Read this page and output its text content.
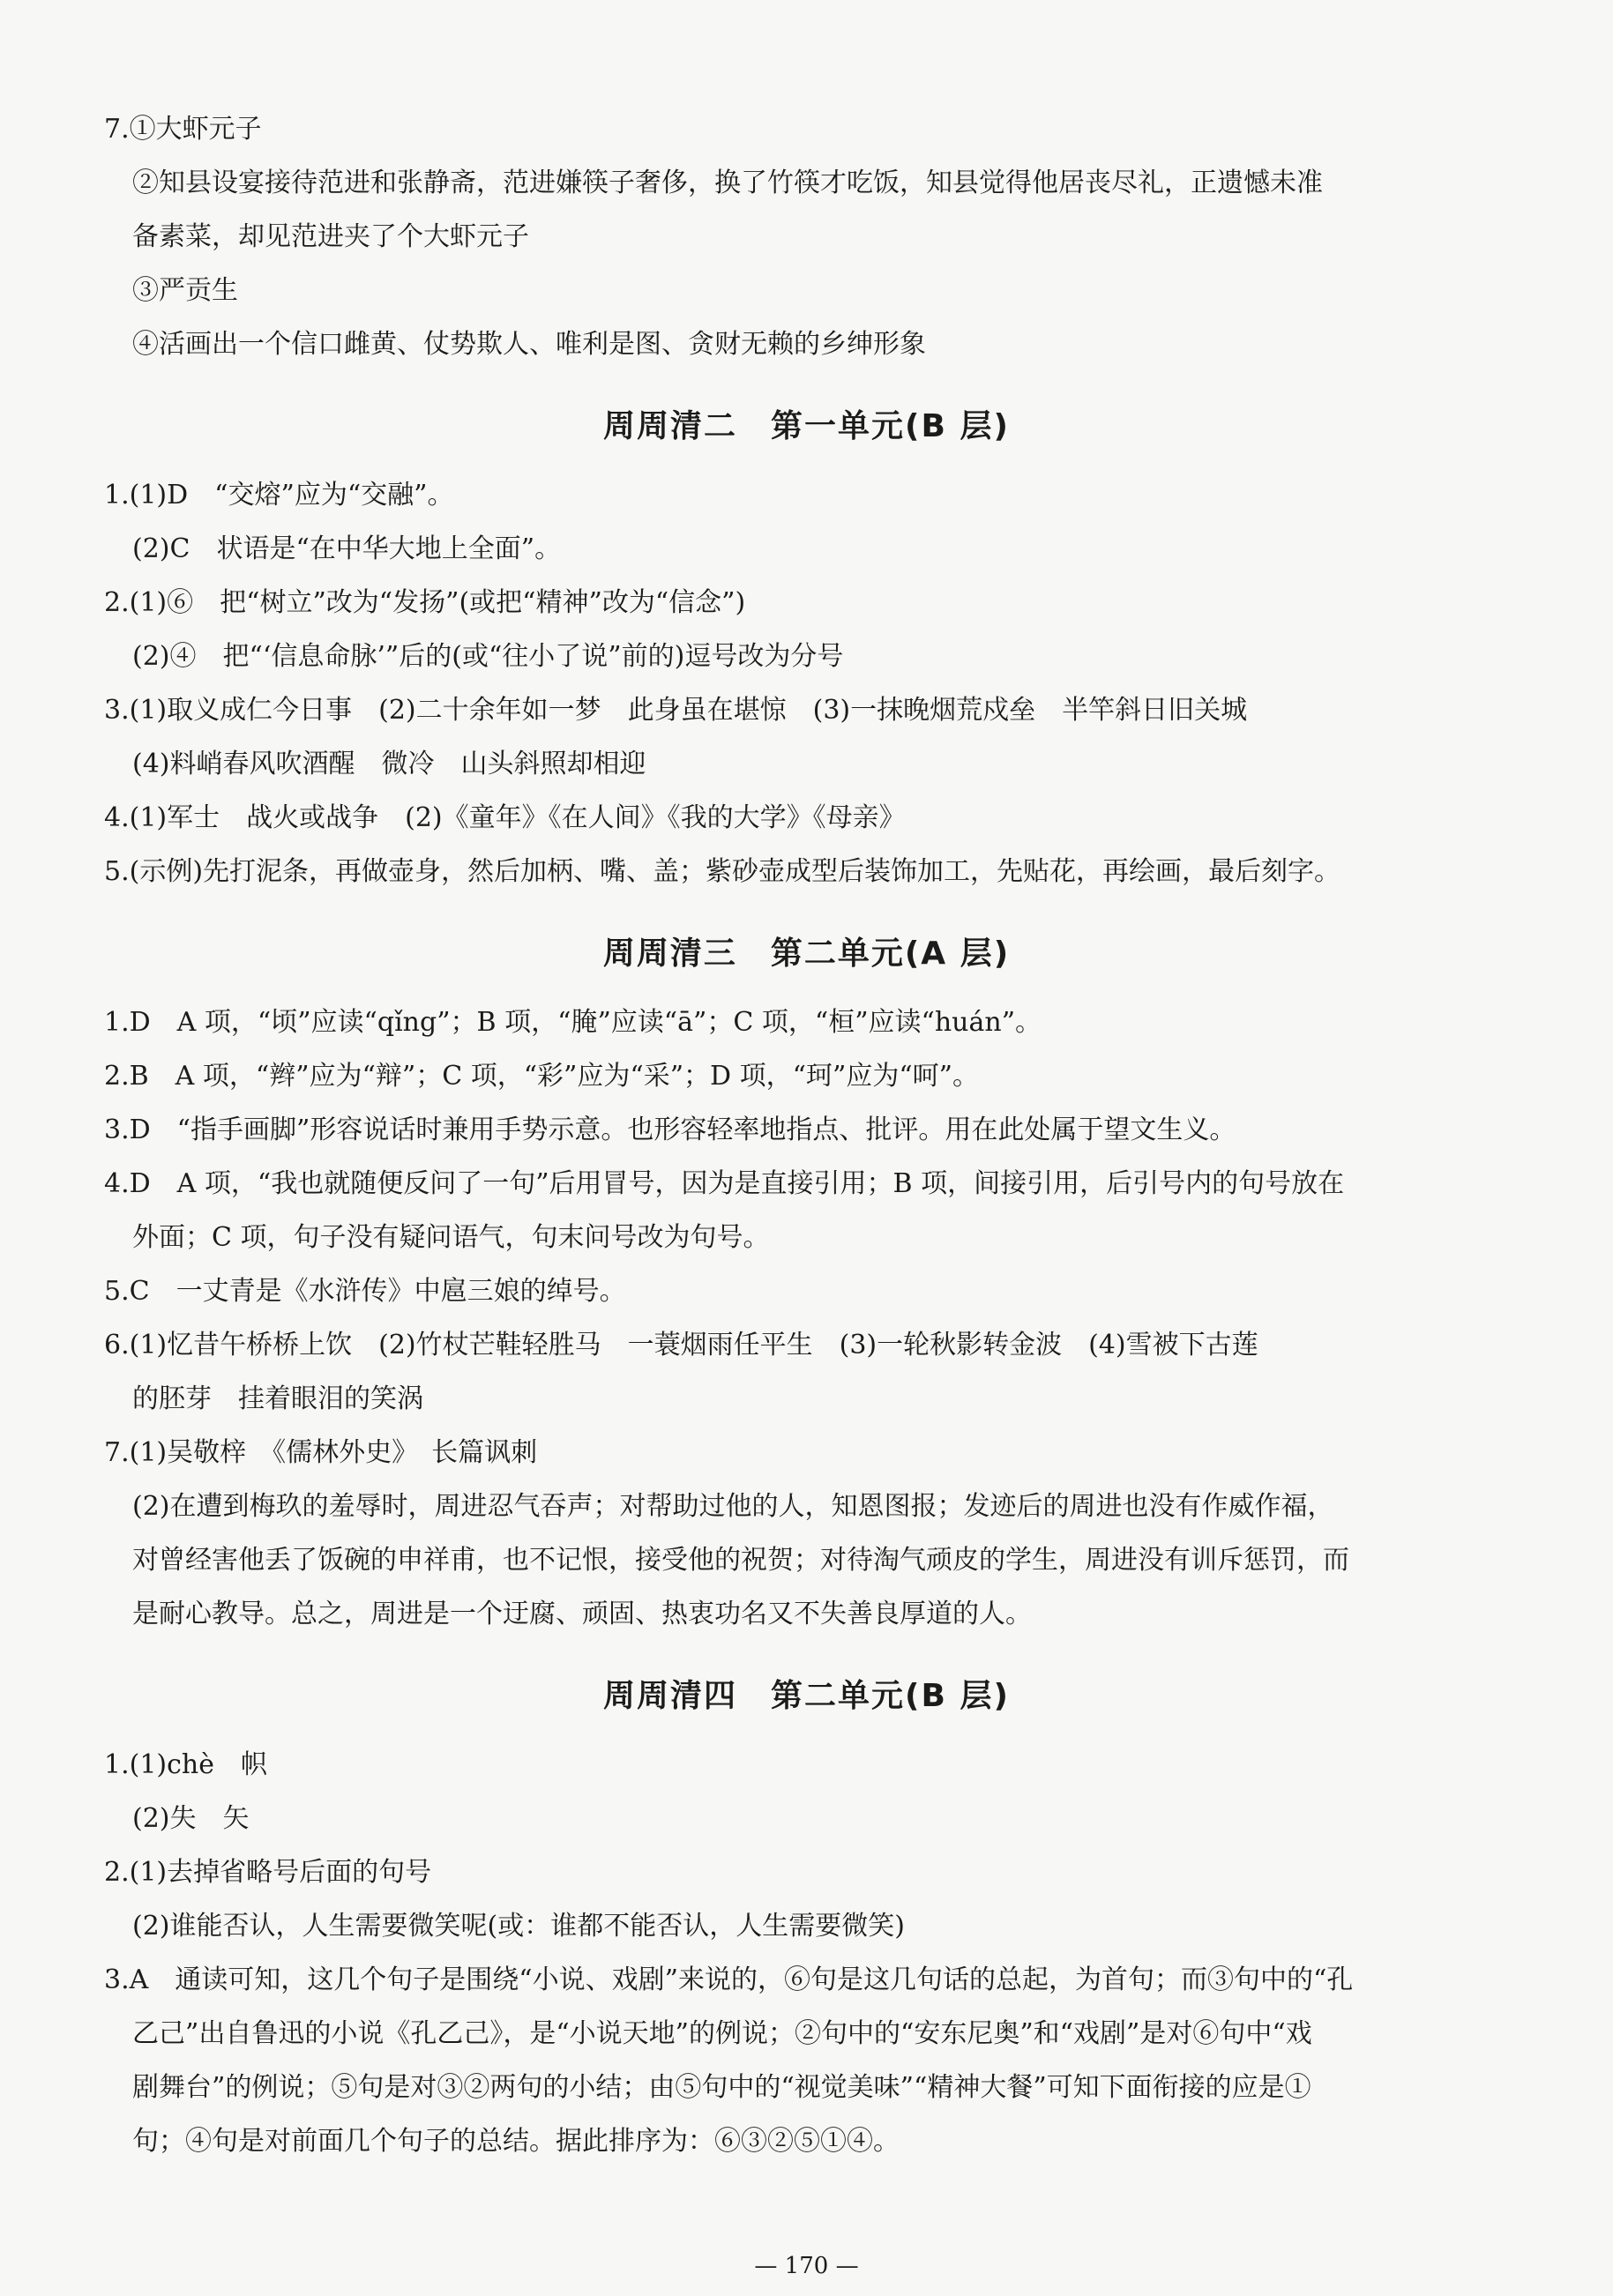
7.①大虾元子
②知县设宴接待范进和张静斋，范进嫌筷子奢侈，换了竹筷才吃饭，知县觉得他居丧尽礼，正遗憾未准
备素菜，却见范进夹了个大虾元子
③严贡生
④活画出一个信口雌黄、仗势欺人、唯利是图、贪财无赖的乡绅形象
周周清二　第一单元(B 层)
1.(1)D　“交熔”应为“交融”。
(2)C　状语是“在中华大地上全面”。
2.(1)⑥　把“树立”改为“发扬”(或把“精神”改为“信念”)
(2)④　把“‘信息命脉’”后的(或“往小了说”前的)逗号改为分号
3.(1)取义成仁今日事　(2)二十余年如一梦　此身虽在堪惊　(3)一抹晚烟荒戍垒　半竿斜日旧关城
(4)料峭春风吹酒醒　微冷　山头斜照却相迎
4.(1)军士　战火或战争　(2)《童年》《在人间》《我的大学》《母亲》
5.(示例)先打泥条，再做壶身，然后加柄、嘴、盖；紫砂壶成型后装饰加工，先贴花，再绘画，最后刻字。
周周清三　第二单元(A 层)
1.D　A 项，“顷”应读“qǐng”；B 项，“腌”应读“ā”；C 项，“桓”应读“huán”。
2.B　A 项，“辫”应为“辩”；C 项，“彩”应为“采”；D 项，“珂”应为“呵”。
3.D　“指手画脚”形容说话时兼用手势示意。也形容轻率地指点、批评。用在此处属于望文生义。
4.D　A 项，“我也就随便反问了一句”后用冒号，因为是直接引用；B 项，间接引用，后引号内的句号放在
外面；C 项，句子没有疑问语气，句末问号改为句号。
5.C　一丈青是《水浒传》中扈三娘的绰号。
6.(1)忆昔午桥桥上饮　(2)竹杖芒鞋轻胜马　一蓑烟雨任平生　(3)一轮秋影转金波　(4)雪被下古莲
的胚芽　挂着眼泪的笑涡
7.(1)吴敬梓　《儒林外史》　长篇讽刺
(2)在遭到梅玖的羞辱时，周进忍气吞声；对帮助过他的人，知恩图报；发迹后的周进也没有作威作福，
对曾经害他丢了饭碗的申祥甫，也不记恨，接受他的祝贺；对待淘气顽皮的学生，周进没有训斥惩罚，而
是耐心教导。总之，周进是一个迂腐、顽固、热衷功名又不失善良厚道的人。
周周清四　第二单元(B 层)
1.(1)chè　帜
(2)失　矢
2.(1)去掉省略号后面的句号
(2)谁能否认，人生需要微笑呢(或：谁都不能否认，人生需要微笑)
3.A　通读可知，这几个句子是围绕“小说、戏剧”来说的，⑥句是这几句话的总起，为首句；而③句中的“孔
乙己”出自鲁迅的小说《孔乙己》，是“小说天地”的例说；②句中的“安东尼奥”和“戏剧”是对⑥句中“戏
剧舞台”的例说；⑤句是对③②两句的小结；由⑤句中的“视觉美味”“精神大餐”可知下面衔接的应是①
句；④句是对前面几个句子的总结。据此排序为：⑥③②⑤①④。
— 170 —
